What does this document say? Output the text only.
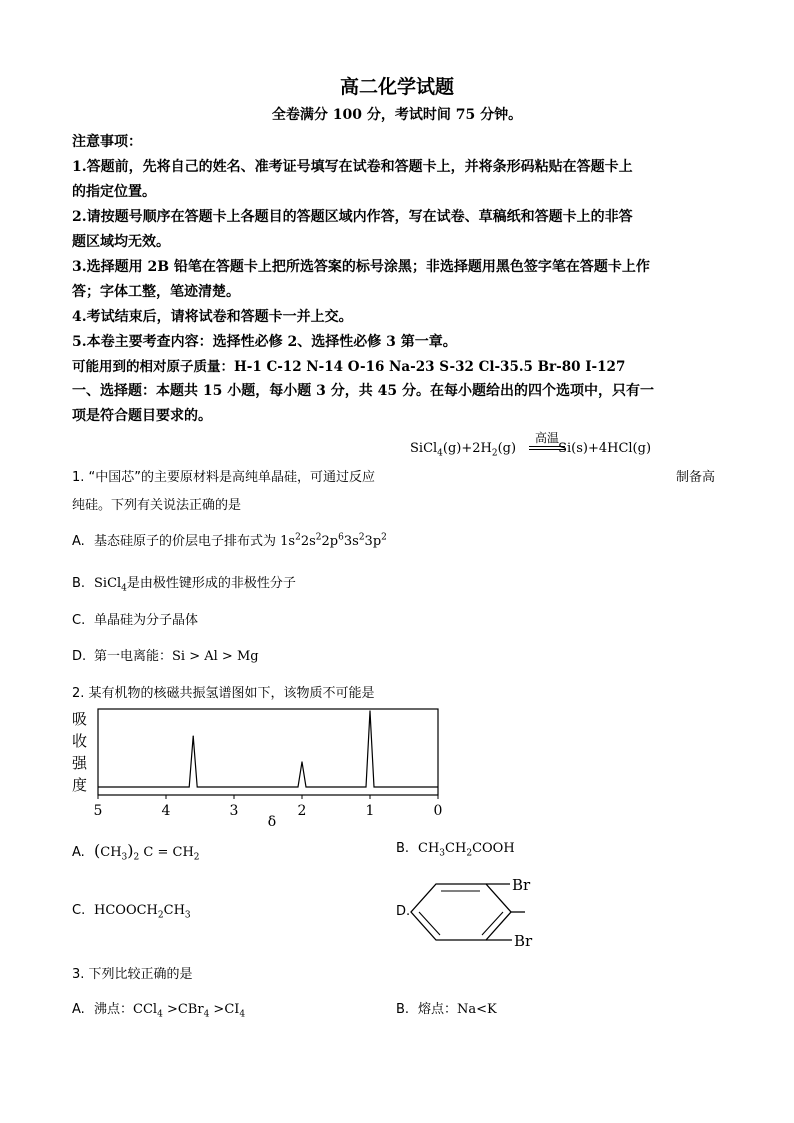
高二化学试题
全卷满分 100 分，考试时间 75 分钟。
注意事项：
1.答题前，先将自己的姓名、准考证号填写在试卷和答题卡上，并将条形码粘贴在答题卡上
的指定位置。
2.请按题号顺序在答题卡上各题目的答题区域内作答，写在试卷、草稿纸和答题卡上的非答
题区域均无效。
3.选择题用 2B 铅笔在答题卡上把所选答案的标号涂黑；非选择题用黑色签字笔在答题卡上作
答；字体工整，笔迹清楚。
4.考试结束后，请将试卷和答题卡一并上交。
5.本卷主要考查内容：选择性必修 2、选择性必修 3 第一章。
可能用到的相对原子质量：H-1 C-12 N-14 O-16 Na-23 S-32 Cl-35.5 Br-80 I-127
一、选择题：本题共 15 小题，每小题 3 分，共 45 分。在每小题给出的四个选项中，只有一
项是符合题目要求的。
高温
$SiCl_4(g)+2H_2(g)$	Si(s)+4HCl(g)
1. “中国芯”的主要原材料是高纯单晶硅，可通过反应	制备高
纯硅。下列有关说法正确的是
A. 基态硅原子的价层电子排布式为 $1s^22s^22p^63s^23p^2$
B. SiCl$_4$是由极性键形成的非极性分子
C. 单晶硅为分子晶体
D. 第一电离能：Si > Al > Mg
2. 某有机物的核磁共振氢谱图如下，该物质不可能是
吸
收
强
度
5	4	3	2	1	0
δ
A. $(CH_3)_2$ $C = CH_2$
B. $CH_3CH_2COOH$
C. $HCOOCH_2CH_3$	D.
Br
Br
3. 下列比较正确的是
A. 沸点：$CCl_4 >CBr_4 >CI_4$	B. 熔点：Na<K
